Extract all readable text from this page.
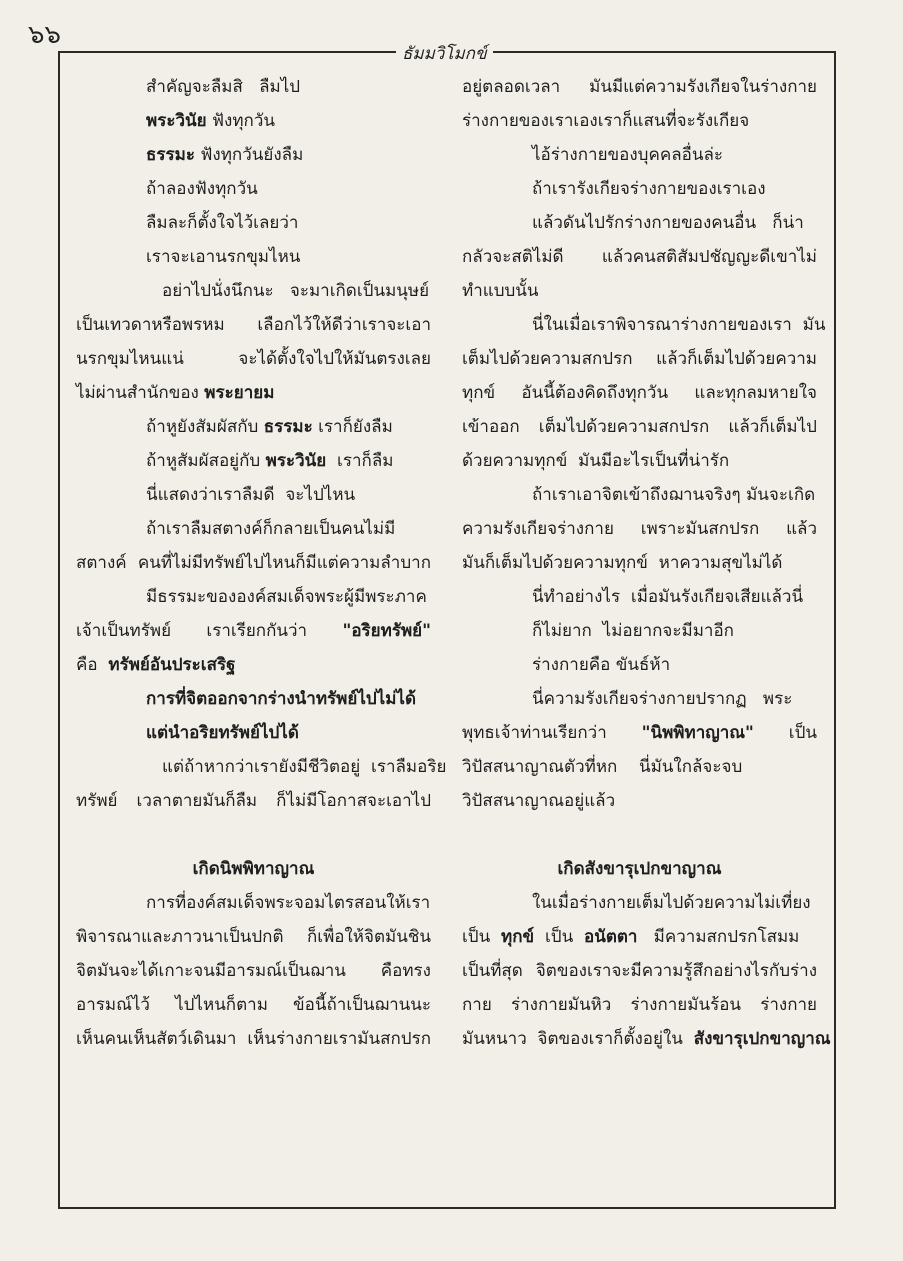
๖๖
ธัมมวิโมกข์
สำคัญจะลืมสิ   ลืมไป
พระวินัย ฟังทุกวัน
ธรรมะ ฟังทุกวันยังลืม
ถ้าลองฟังทุกวัน
ลืมละก็ตั้งใจไว้เลยว่า
เราจะเอานรกขุมไหน
อย่าไปนั่งนึกนะ   จะมาเกิดเป็นมนุษย์
เป็นเทวดาหรือพรหม เลือกไว้ให้ดีว่าเราจะเอา
นรกขุมไหนแน่	จะได้ตั้งใจไปให้มันตรงเลย
ไม่ผ่านสำนักของ พระยายม
ถ้าหูยังสัมผัสกับ ธรรมะ เราก็ยังลืม
ถ้าหูสัมผัสอยู่กับ พระวินัย  เราก็ลืม
นี่แสดงว่าเราลืมดี  จะไปไหน
ถ้าเราลืมสตางค์ก็กลายเป็นคนไม่มี
สตางค์ คนที่ไม่มีทรัพย์ไปไหนก็มีแต่ความลำบาก
มีธรรมะขององค์สมเด็จพระผู้มีพระภาค
เจ้าเป็นทรัพย์ เราเรียกกันว่า "อริยทรัพย์"
คือ  ทรัพย์อันประเสริฐ
การที่จิตออกจากร่างนำทรัพย์ไปไม่ได้
แต่นำอริยทรัพย์ไปได้
แต่ถ้าหากว่าเรายังมีชีวิตอยู่  เราลืมอริย
ทรัพย์ เวลาตายมันก็ลืม ก็ไม่มีโอกาสจะเอาไป
เกิดนิพพิทาญาณ
การที่องค์สมเด็จพระจอมไตรสอนให้เรา
พิจารณาและภาวนาเป็นปกติ ก็เพื่อให้จิตมันชิน
จิตมันจะได้เกาะจนมีอารมณ์เป็นฌาน คือทรง
อารมณ์ไว้ ไปไหนก็ตาม ข้อนี้ถ้าเป็นฌานนะ
เห็นคนเห็นสัตว์เดินมา เห็นร่างกายเรามันสกปรก
อยู่ตลอดเวลา มันมีแต่ความรังเกียจในร่างกาย
ร่างกายของเราเองเราก็แสนที่จะรังเกียจ
ไอ้ร่างกายของบุคคลอื่นล่ะ
ถ้าเรารังเกียจร่างกายของเราเอง
แล้วดันไปรักร่างกายของคนอื่น   ก็น่า
กลัวจะสติไม่ดี แล้วคนสติสัมปชัญญะดีเขาไม่
ทำแบบนั้น
นี่ในเมื่อเราพิจารณาร่างกายของเรา  มัน
เต็มไปด้วยความสกปรก แล้วก็เต็มไปด้วยความ
ทุกข์ อันนี้ต้องคิดถึงทุกวัน และทุกลมหายใจ
เข้าออก เต็มไปด้วยความสกปรก แล้วก็เต็มไป
ด้วยความทุกข์  มันมีอะไรเป็นที่น่ารัก
ถ้าเราเอาจิตเข้าถึงฌานจริงๆ มันจะเกิด
ความรังเกียจร่างกาย เพราะมันสกปรก แล้ว
มันก็เต็มไปด้วยความทุกข์  หาความสุขไม่ได้
นี่ทำอย่างไร  เมื่อมันรังเกียจเสียแล้วนี่
ก็ไม่ยาก  ไม่อยากจะมีมาอีก
ร่างกายคือ ขันธ์ห้า
นี่ความรังเกียจร่างกายปรากฏ   พระ
พุทธเจ้าท่านเรียกว่า "นิพพิทาญาณ" เป็น
วิปัสสนาญาณตัวที่หก    นี่มันใกล้จะจบ
วิปัสสนาญาณอยู่แล้ว
เกิดสังขารุเปกขาญาณ
ในเมื่อร่างกายเต็มไปด้วยความไม่เที่ยง
เป็น  ทุกข์  เป็น  อนัตตา   มีความสกปรกโสมม
เป็นที่สุด จิตของเราจะมีความรู้สึกอย่างไรกับร่าง
กาย ร่างกายมันหิว ร่างกายมันร้อน ร่างกาย
มันหนาว  จิตของเราก็ตั้งอยู่ใน  สังขารุเปกขาญาณ
